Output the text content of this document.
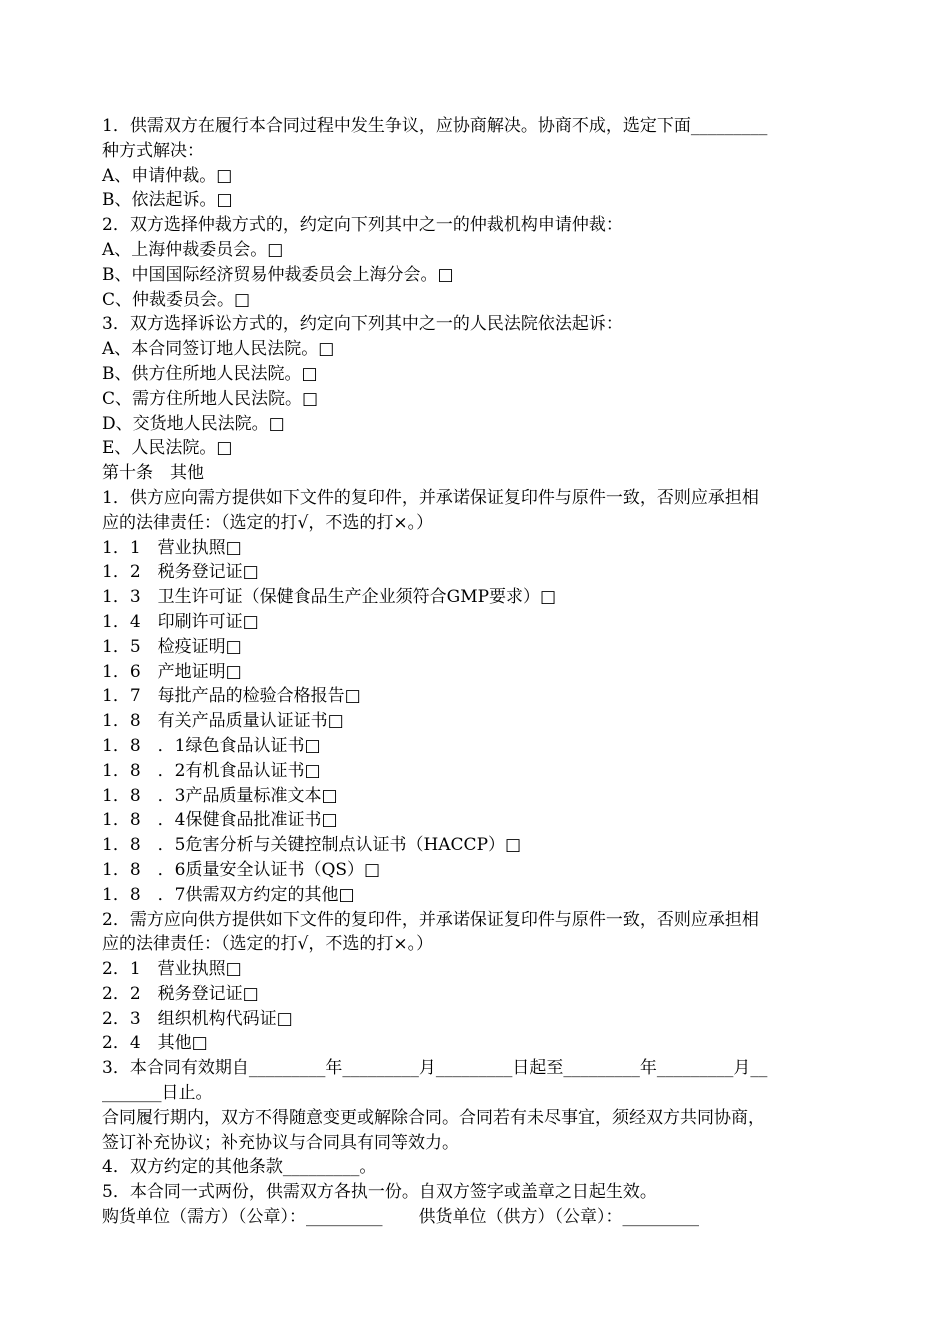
1．供需双方在履行本合同过程中发生争议，应协商解决。协商不成，选定下面_________
种方式解决：
A、申请仲裁。□
B、依法起诉。□
2．双方选择仲裁方式的，约定向下列其中之一的仲裁机构申请仲裁：
A、上海仲裁委员会。□
B、中国国际经济贸易仲裁委员会上海分会。□
C、仲裁委员会。□
3．双方选择诉讼方式的，约定向下列其中之一的人民法院依法起诉：
A、本合同签订地人民法院。□
B、供方住所地人民法院。□
C、需方住所地人民法院。□
D、交货地人民法院。□
E、人民法院。□
第十条　其他
1．供方应向需方提供如下文件的复印件，并承诺保证复印件与原件一致，否则应承担相
应的法律责任：（选定的打√，不选的打×。）
1．1　营业执照□
1．2　税务登记证□
1．3　卫生许可证（保健食品生产企业须符合GMP要求）□
1．4　印刷许可证□
1．5　检疫证明□
1．6　产地证明□
1．7　每批产品的检验合格报告□
1．8　有关产品质量认证证书□
1．8　．1绿色食品认证书□
1．8　．2有机食品认证书□
1．8　．3产品质量标准文本□
1．8　．4保健食品批准证书□
1．8　．5危害分析与关键控制点认证书（HACCP）□
1．8　．6质量安全认证书（QS）□
1．8　．7供需双方约定的其他□
2．需方应向供方提供如下文件的复印件，并承诺保证复印件与原件一致，否则应承担相
应的法律责任：（选定的打√，不选的打×。）
2．1　营业执照□
2．2　税务登记证□
2．3　组织机构代码证□
2．4　其他□
3．本合同有效期自_________年_________月_________日起至_________年_________月__
_______日止。
合同履行期内，双方不得随意变更或解除合同。合同若有未尽事宜，须经双方共同协商，
签订补充协议；补充协议与合同具有同等效力。
4．双方约定的其他条款_________。
5．本合同一式两份，供需双方各执一份。自双方签字或盖章之日起生效。
购货单位（需方）（公章）：_________ 供货单位（供方）（公章）：_________
